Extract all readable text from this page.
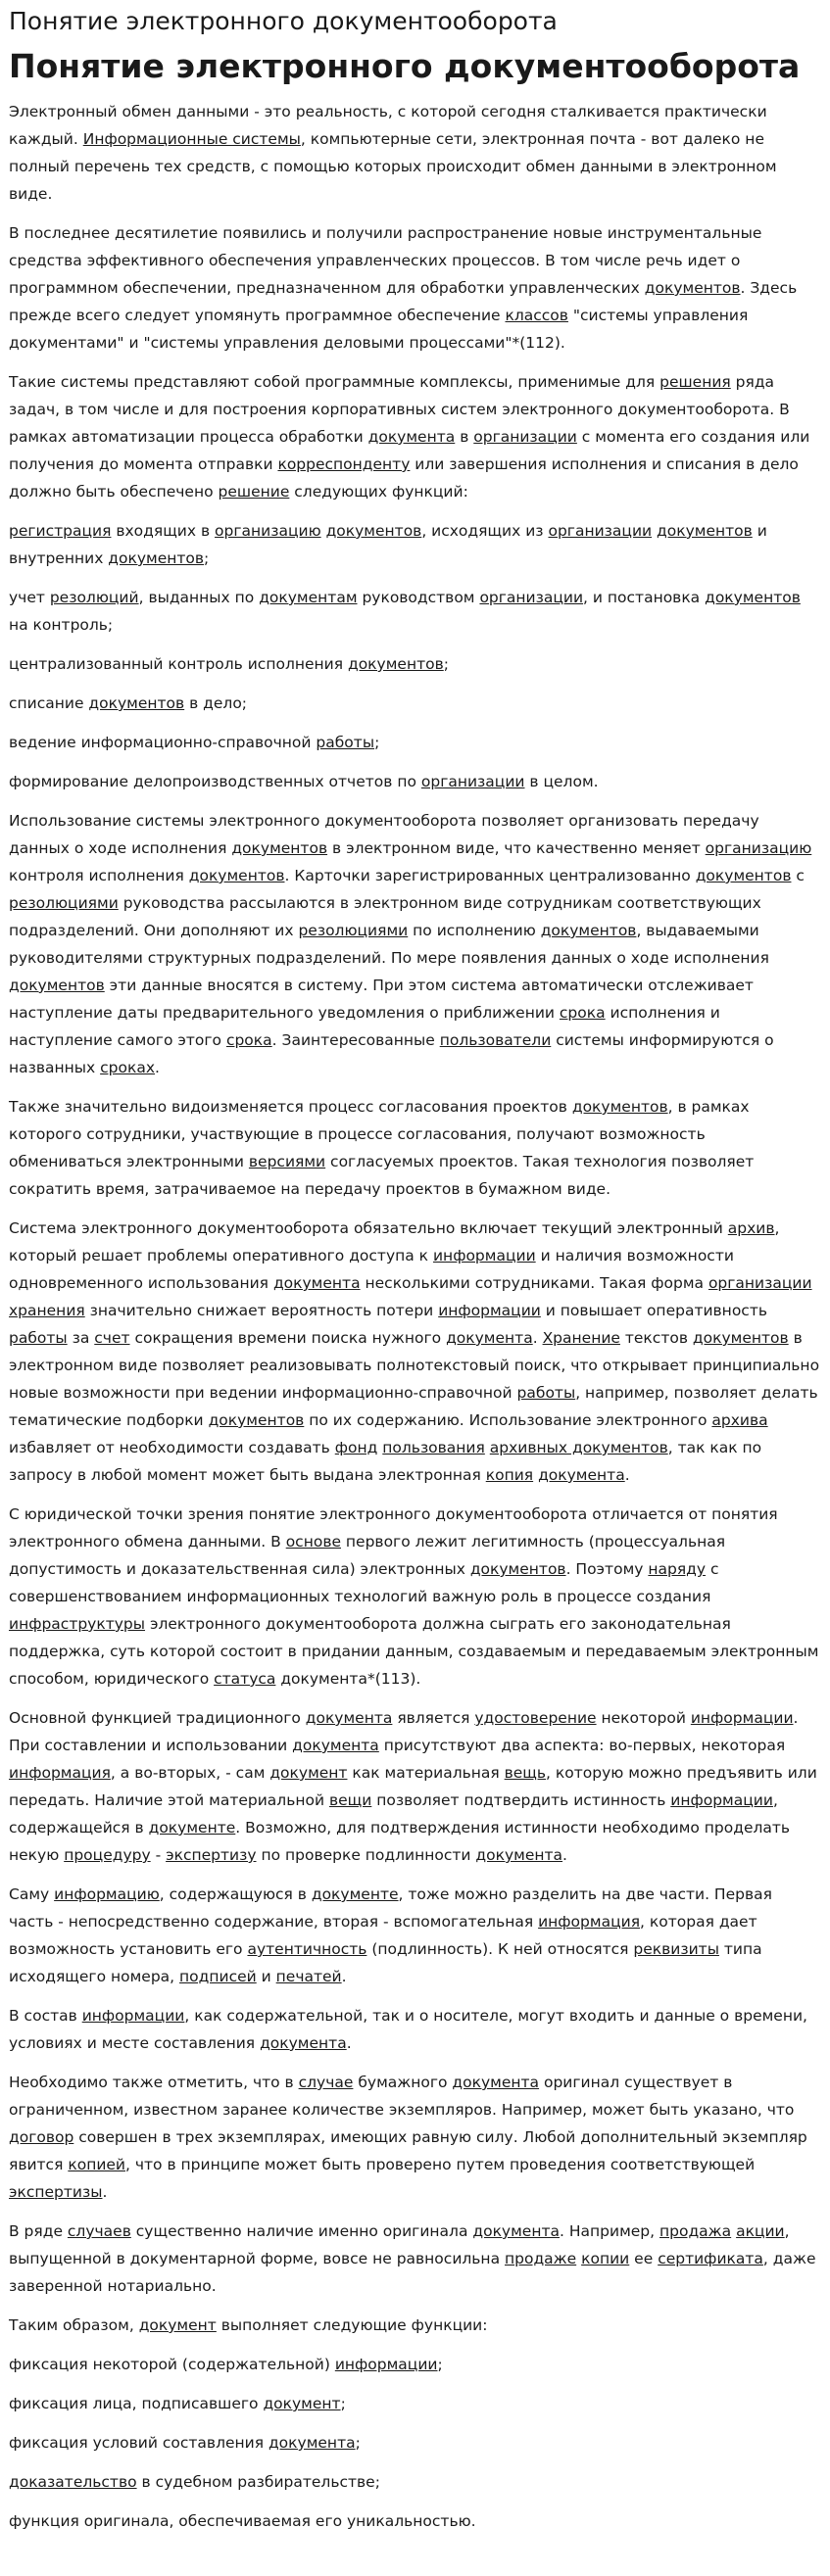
Понятие электронного документооборота
Понятие электронного документооборота

Электронный обмен данными - это реальность, с которой сегодня сталкивается практически каждый. Информационные системы, компьютерные сети, электронная почта - вот далеко не полный перечень тех средств, с помощью которых происходит обмен данными в электронном виде.

В последнее десятилетие появились и получили распространение новые инструментальные средства эффективного обеспечения управленческих процессов. В том числе речь идет о программном обеспечении, предназначенном для обработки управленческих документов. Здесь прежде всего следует упомянуть программное обеспечение классов "системы управления документами" и "системы управления деловыми процессами"*(112).

Такие системы представляют собой программные комплексы, применимые для решения ряда задач, в том числе и для построения корпоративных систем электронного документооборота. В рамках автоматизации процесса обработки документа в организации с момента его создания или получения до момента отправки корреспонденту или завершения исполнения и списания в дело должно быть обеспечено решение следующих функций:

регистрация входящих в организацию документов, исходящих из организации документов и внутренних документов;

учет резолюций, выданных по документам руководством организации, и постановка документов на контроль;

централизованный контроль исполнения документов;

списание документов в дело;

ведение информационно-справочной работы;

формирование делопроизводственных отчетов по организации в целом.

Использование системы электронного документооборота позволяет организовать передачу данных о ходе исполнения документов в электронном виде, что качественно меняет организацию контроля исполнения документов. Карточки зарегистрированных централизованно документов с резолюциями руководства рассылаются в электронном виде сотрудникам соответствующих подразделений. Они дополняют их резолюциями по исполнению документов, выдаваемыми руководителями структурных подразделений. По мере появления данных о ходе исполнения документов эти данные вносятся в систему. При этом система автоматически отслеживает наступление даты предварительного уведомления о приближении срока исполнения и наступление самого этого срока. Заинтересованные пользователи системы информируются о названных сроках.

Также значительно видоизменяется процесс согласования проектов документов, в рамках которого сотрудники, участвующие в процессе согласования, получают возможность обмениваться электронными версиями согласуемых проектов. Такая технология позволяет сократить время, затрачиваемое на передачу проектов в бумажном виде.

Система электронного документооборота обязательно включает текущий электронный архив, который решает проблемы оперативного доступа к информации и наличия возможности одновременного использования документа несколькими сотрудниками. Такая форма организации хранения значительно снижает вероятность потери информации и повышает оперативность работы за счет сокращения времени поиска нужного документа. Хранение текстов документов в электронном виде позволяет реализовывать полнотекстовый поиск, что открывает принципиально новые возможности при ведении информационно-справочной работы, например, позволяет делать тематические подборки документов по их содержанию. Использование электронного архива избавляет от необходимости создавать фонд пользования архивных документов, так как по запросу в любой момент может быть выдана электронная копия документа.

С юридической точки зрения понятие электронного документооборота отличается от понятия электронного обмена данными. В основе первого лежит легитимность (процессуальная допустимость и доказательственная сила) электронных документов. Поэтому наряду с совершенствованием информационных технологий важную роль в процессе создания инфраструктуры электронного документооборота должна сыграть его законодательная поддержка, суть которой состоит в придании данным, создаваемым и передаваемым электронным способом, юридического статуса документа*(113).

Основной функцией традиционного документа является удостоверение некоторой информации. При составлении и использовании документа присутствуют два аспекта: во-первых, некоторая информация, а во-вторых, - сам документ как материальная вещь, которую можно предъявить или передать. Наличие этой материальной вещи позволяет подтвердить истинность информации, содержащейся в документе. Возможно, для подтверждения истинности необходимо проделать некую процедуру - экспертизу по проверке подлинности документа.

Саму информацию, содержащуюся в документе, тоже можно разделить на две части. Первая часть - непосредственно содержание, вторая - вспомогательная информация, которая дает возможность установить его аутентичность (подлинность). К ней относятся реквизиты типа исходящего номера, подписей и печатей.

В состав информации, как содержательной, так и о носителе, могут входить и данные о времени, условиях и месте составления документа.

Необходимо также отметить, что в случае бумажного документа оригинал существует в ограниченном, известном заранее количестве экземпляров. Например, может быть указано, что договор совершен в трех экземплярах, имеющих равную силу. Любой дополнительный экземпляр явится копией, что в принципе может быть проверено путем проведения соответствующей экспертизы.

В ряде случаев существенно наличие именно оригинала документа. Например, продажа акции, выпущенной в документарной форме, вовсе не равносильна продаже копии ее сертификата, даже заверенной нотариально.

Таким образом, документ выполняет следующие функции:

фиксация некоторой (содержательной) информации;

фиксация лица, подписавшего документ;

фиксация условий составления документа;

доказательство в судебном разбирательстве;

функция оригинала, обеспечиваемая его уникальностью.
